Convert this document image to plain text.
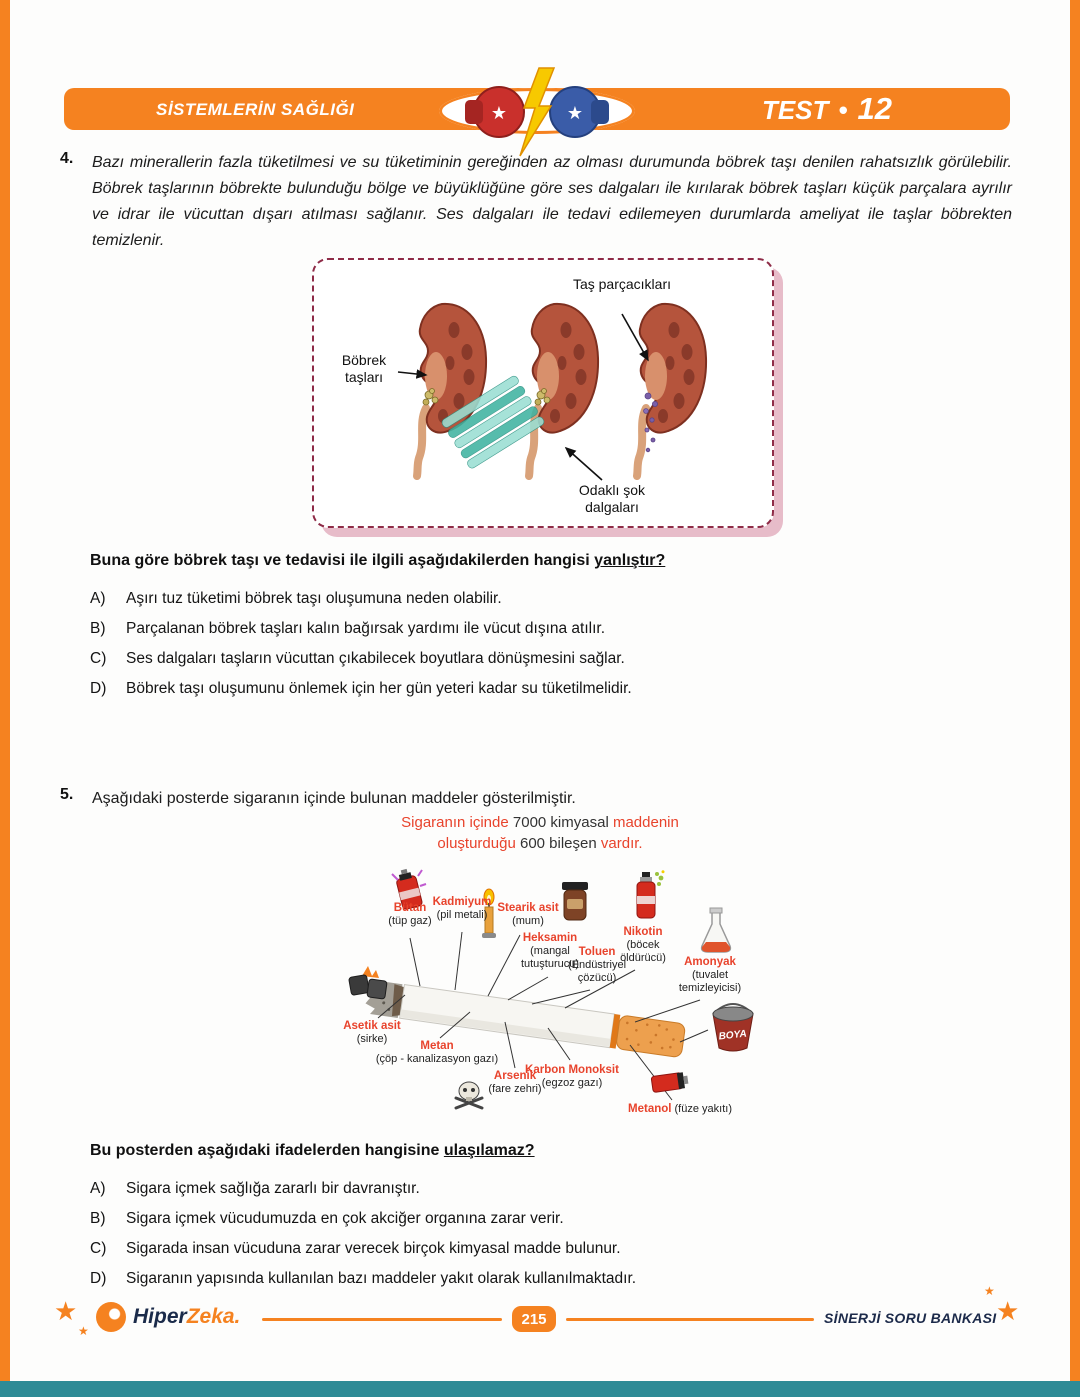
SİSTEMLERİN SAĞLIĞI	TEST • 12
★	★
4.	Bazı minerallerin fazla tüketilmesi ve su tüketiminin gereğinden az olması durumunda böbrek taşı denilen rahatsızlık görülebilir. Böbrek taşlarının böbrekte bulunduğu bölge ve büyüklüğüne göre ses dalgaları ile kırılarak böbrek taşları küçük parçalara ayrılır ve idrar ile vücuttan dışarı atılması sağlanır. Ses dalgaları ile tedavi edilemeyen durumlarda ameliyat ile taşlar böbrekten temizlenir.
Taş parçacıkları
Böbrek taşları
Odaklı şok dalgaları
Buna göre böbrek taşı ve tedavisi ile ilgili aşağıdakilerden hangisi yanlıştır?
A)	Aşırı tuz tüketimi böbrek taşı oluşumuna neden olabilir.
B)	Parçalanan böbrek taşları kalın bağırsak yardımı ile vücut dışına atılır.
C)	Ses dalgaları taşların vücuttan çıkabilecek boyutlara dönüşmesini sağlar.
D)	Böbrek taşı oluşumunu önlemek için her gün yeteri kadar su tüketilmelidir.
5.	Aşağıdaki posterde sigaranın içinde bulunan maddeler gösterilmiştir.
Sigaranın içinde 7000 kimyasal maddenin
oluşturduğu 600 bileşen vardır.
BOYA
Bütan
(tüp gaz)
Kadmiyum
(pil metali)
Stearik asit
(mum)
Heksamin
(mangal tutuşturucu)
Toluen
(Endüstriyel çözücü)
Nikotin
(böcek öldürücü)	Amonyak
(tuvalet temizleyicisi)
Asetik asit
(sirke)
Metan
(çöp - kanalizasyon gazı)
Arsenik
(fare zehri)
Karbon Monoksit
(egzoz gazı)
Metanol (füze yakıtı)
Bu posterden aşağıdaki ifadelerden hangisine ulaşılamaz?
A)	Sigara içmek sağlığa zararlı bir davranıştır.
B)	Sigara içmek vücudumuzda en çok akciğer organına zarar verir.
C)	Sigarada insan vücuduna zarar verecek birçok kimyasal madde bulunur.
D)	Sigaranın yapısında kullanılan bazı maddeler yakıt olarak kullanılmaktadır.
★
★
HiperZeka.	215	SİNERJİ SORU BANKASI ★
★
